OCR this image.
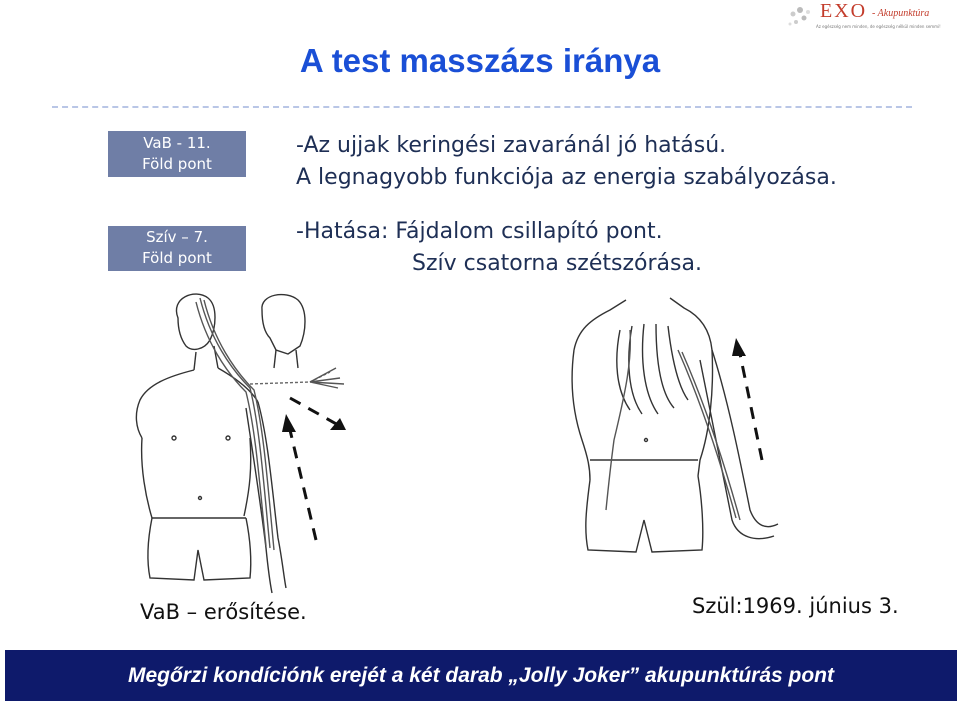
EXO - Akupunktúra
Az egészség nem minden, de egészség nélkül minden semmi!
A test masszázs iránya
VaB - 11.
Föld pont
Szív – 7.
Föld pont
-Az ujjak keringési zavaránál jó hatású.
A legnagyobb funkciója az energia szabályozása.
-Hatása: Fájdalom csillapító pont.
Szív csatorna szétszórása.
VaB – erősítése.	Szül:1969. június 3.
Megőrzi kondíciónk erejét a két darab „Jolly Joker” akupunktúrás pont
